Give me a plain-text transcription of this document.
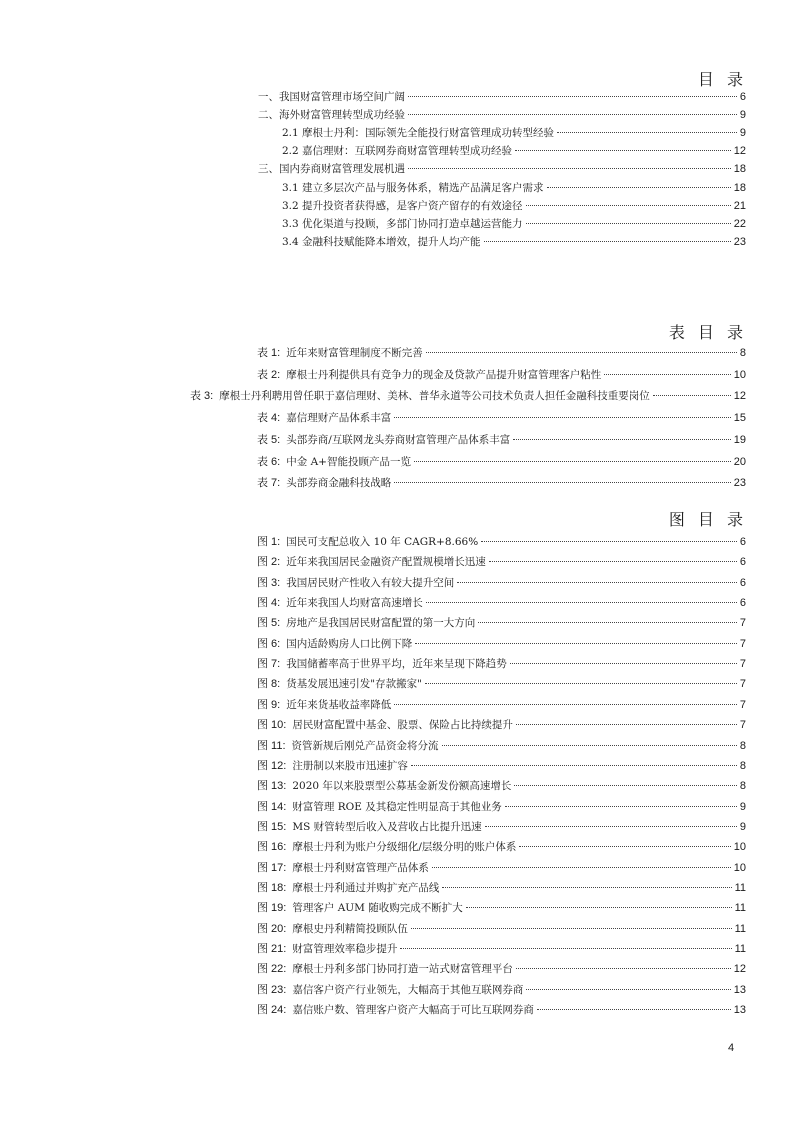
目 录
一、我国财富管理市场空间广阔	6
二、海外财富管理转型成功经验	9
2.1 摩根士丹利：国际领先全能投行财富管理成功转型经验	9
2.2 嘉信理财：互联网券商财富管理转型成功经验	12
三、国内券商财富管理发展机遇	18
3.1 建立多层次产品与服务体系，精选产品满足客户需求	18
3.2 提升投资者获得感，是客户资产留存的有效途径	21
3.3 优化渠道与投顾，多部门协同打造卓越运营能力	22
3.4 金融科技赋能降本增效，提升人均产能	23
表 目 录
表 1: 近年来财富管理制度不断完善	8
表 2: 摩根士丹利提供具有竞争力的现金及贷款产品提升财富管理客户粘性	10
表 3: 摩根士丹利聘用曾任职于嘉信理财、美林、普华永道等公司技术负责人担任金融科技重要岗位	12
表 4: 嘉信理财产品体系丰富	15
表 5: 头部券商/互联网龙头券商财富管理产品体系丰富	19
表 6: 中金 A+智能投顾产品一览	20
表 7: 头部券商金融科技战略	23
图 目 录
图 1: 国民可支配总收入 10 年 CAGR+8.66%	6
图 2: 近年来我国居民金融资产配置规模增长迅速	6
图 3: 我国居民财产性收入有较大提升空间	6
图 4: 近年来我国人均财富高速增长	6
图 5: 房地产是我国居民财富配置的第一大方向	7
图 6: 国内适龄购房人口比例下降	7
图 7: 我国储蓄率高于世界平均，近年来呈现下降趋势	7
图 8: 货基发展迅速引发"存款搬家"	7
图 9: 近年来货基收益率降低	7
图 10: 居民财富配置中基金、股票、保险占比持续提升	7
图 11: 资管新规后刚兑产品资金将分流	8
图 12: 注册制以来股市迅速扩容	8
图 13: 2020 年以来股票型公募基金新发份额高速增长	8
图 14: 财富管理 ROE 及其稳定性明显高于其他业务	9
图 15: MS 财管转型后收入及营收占比提升迅速	9
图 16: 摩根士丹利为账户分级细化/层级分明的账户体系	10
图 17: 摩根士丹利财富管理产品体系	10
图 18: 摩根士丹利通过并购扩充产品线	11
图 19: 管理客户 AUM 随收购完成不断扩大	11
图 20: 摩根史丹利精简投顾队伍	11
图 21: 财富管理效率稳步提升	11
图 22: 摩根士丹利多部门协同打造一站式财富管理平台	12
图 23: 嘉信客户资产行业领先，大幅高于其他互联网券商	13
图 24: 嘉信账户数、管理客户资产大幅高于可比互联网券商	13
4
